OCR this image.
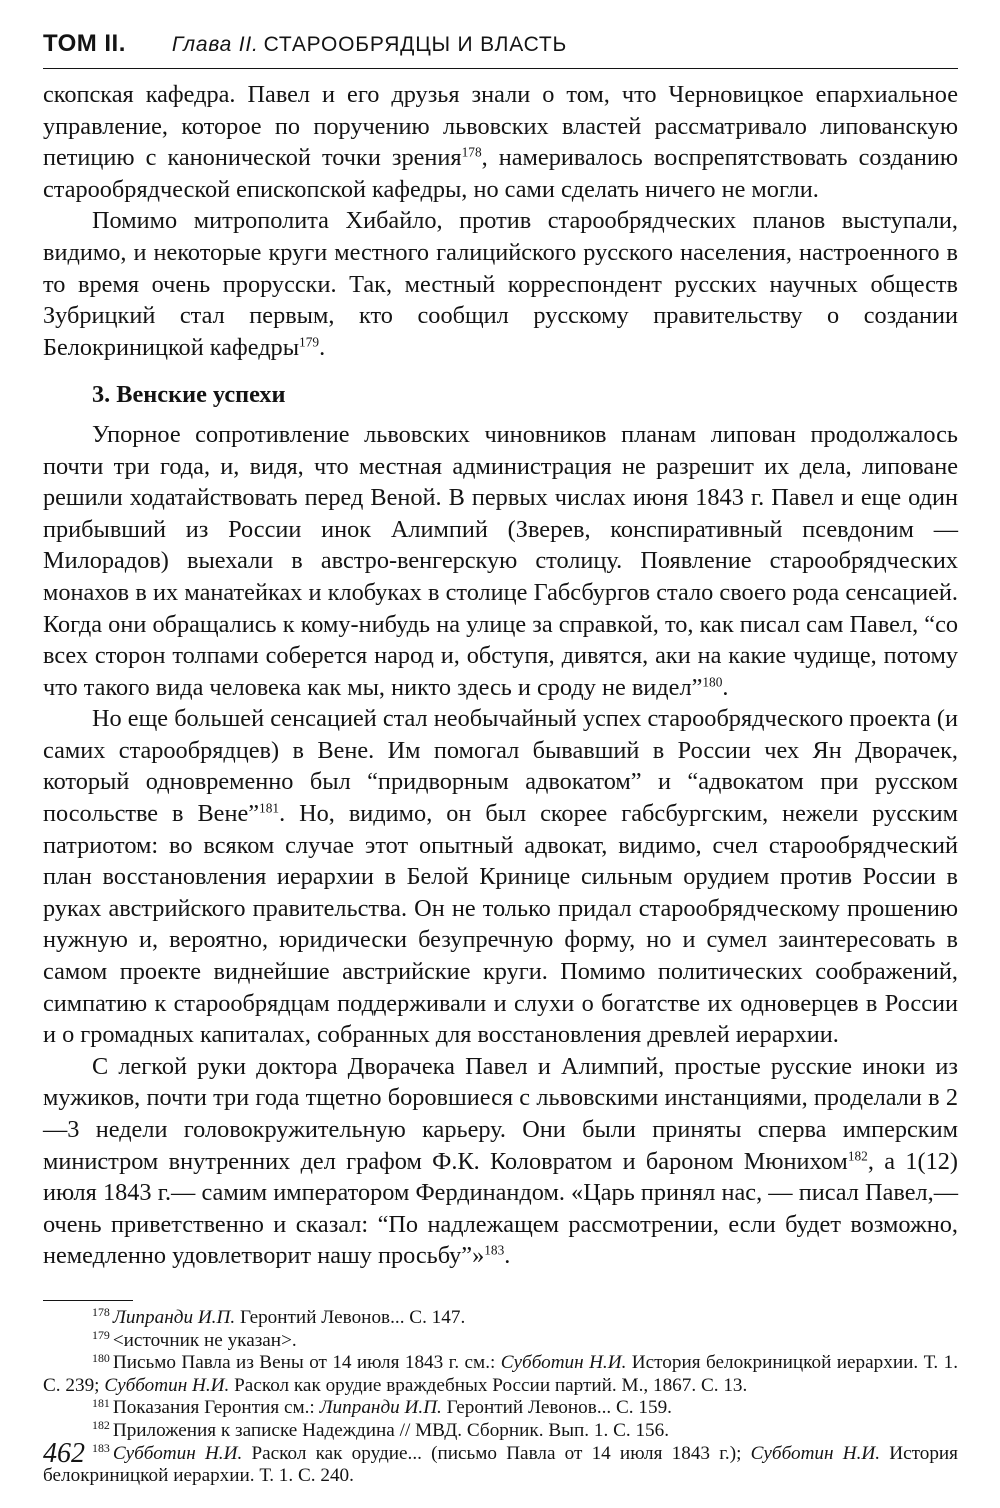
ТОМ II. Глава II. СТАРООБРЯДЦЫ И ВЛАСТЬ

скопская кафедра. Павел и его друзья знали о том, что Черновицкое епархиальное управление, которое по поручению львовских властей рассматривало липованскую петицию с канонической точки зрения$^{178}$, намеривалось воспрепятствовать созданию старообрядческой епископской кафедры, но сами сделать ничего не могли.

Помимо митрополита Хибайло, против старообрядческих планов выступали, видимо, и некоторые круги местного галицийского русского населения, настроенного в то время очень прорусски. Так, местный корреспондент русских научных обществ Зубрицкий стал первым, кто сообщил русскому правительству о создании Белокриницкой кафедры$^{179}$.

3. Венские успехи

Упорное сопротивление львовских чиновников планам липован продолжалось почти три года, и, видя, что местная администрация не разрешит их дела, липоване решили ходатайствовать перед Веной. В первых числах июня 1843 г. Павел и еще один прибывший из России инок Алимпий (Зверев, конспиративный псевдоним — Милорадов) выехали в австро-венгерскую столицу. Появление старообрядческих монахов в их манатейках и клобуках в столице Габсбургов стало своего рода сенсацией. Когда они обращались к кому-нибудь на улице за справкой, то, как писал сам Павел, “со всех сторон толпами соберется народ и, обступя, дивятся, аки на какие чудище, потому что такого вида человека как мы, никто здесь и сроду не видел”$^{180}$.

Но еще большей сенсацией стал необычайный успех старообрядческого проекта (и самих старообрядцев) в Вене. Им помогал бывавший в России чех Ян Дворачек, который одновременно был “придворным адвокатом” и “адвокатом при русском посольстве в Вене”$^{181}$. Но, видимо, он был скорее габсбургским, нежели русским патриотом: во всяком случае этот опытный адвокат, видимо, счел старообрядческий план восстановления иерархии в Белой Кринице сильным орудием против России в руках австрийского правительства. Он не только придал старообрядческому прошению нужную и, вероятно, юридически безупречную форму, но и сумел заинтересовать в самом проекте виднейшие австрийские круги. Помимо политических соображений, симпатию к старообрядцам поддерживали и слухи о богатстве их одноверцев в России и о громадных капиталах, собранных для восстановления древлей иерархии.

С легкой руки доктора Дворачека Павел и Алимпий, простые русские иноки из мужиков, почти три года тщетно боровшиеся с львовскими инстанциями, проделали в 2—3 недели головокружительную карьеру. Они были приняты сперва имперским министром внутренних дел графом Ф.К. Коловратом и бароном Мюнихом$^{182}$, а 1(12) июля 1843 г.— самим императором Фердинандом. «Царь принял нас, — писал Павел,— очень приветственно и сказал: “По надлежащем рассмотрении, если будет возможно, немедленно удовлетворит нашу просьбу”»$^{183}$.

$^{178}$ Липранди И.П. Геронтий Левонов... С. 147.

$^{179}$ <источник не указан>.

$^{180}$ Письмо Павла из Вены от 14 июля 1843 г. см.: Субботин Н.И. История белокриницкой иерархии. Т. 1. С. 239; Субботин Н.И. Раскол как орудие враждебных России партий. М., 1867. С. 13.

$^{181}$ Показания Геронтия см.: Липранди И.П. Геронтий Левонов... С. 159.

$^{182}$ Приложения к записке Надеждина // МВД. Сборник. Вып. 1. С. 156.

$^{183}$ Субботин Н.И. Раскол как орудие... (письмо Павла от 14 июля 1843 г.); Субботин Н.И. История белокриницкой иерархии. Т. 1. С. 240.

462
